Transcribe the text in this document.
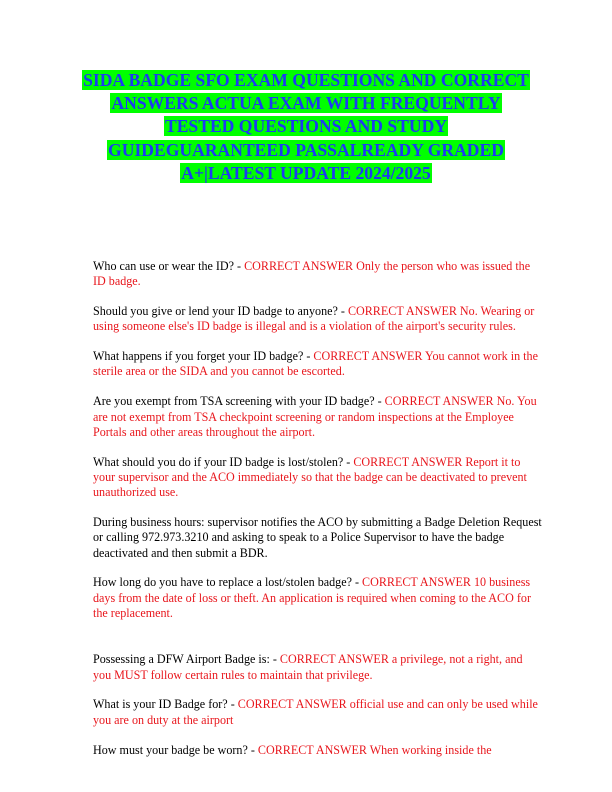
SIDA BADGE SFO EXAM QUESTIONS AND CORRECT
ANSWERS ACTUA EXAM WITH FREQUENTLY
TESTED QUESTIONS AND STUDY
GUIDEGUARANTEED PASSALREADY GRADED
A+|LATEST UPDATE 2024/2025
Who can use or wear the ID? - CORRECT ANSWER Only the person who was issued the ID badge.
Should you give or lend your ID badge to anyone? - CORRECT ANSWER No. Wearing or using someone else's ID badge is illegal and is a violation of the airport's security rules.
What happens if you forget your ID badge? - CORRECT ANSWER You cannot work in the sterile area or the SIDA and you cannot be escorted.
Are you exempt from TSA screening with your ID badge? - CORRECT ANSWER No. You are not exempt from TSA checkpoint screening or random inspections at the Employee Portals and other areas throughout the airport.
What should you do if your ID badge is lost/stolen? - CORRECT ANSWER Report it to your supervisor and the ACO immediately so that the badge can be deactivated to prevent unauthorized use.
During business hours: supervisor notifies the ACO by submitting a Badge Deletion Request or calling 972.973.3210 and asking to speak to a Police Supervisor to have the badge deactivated and then submit a BDR.
How long do you have to replace a lost/stolen badge? - CORRECT ANSWER 10 business days from the date of loss or theft. An application is required when coming to the ACO for the replacement.
Possessing a DFW Airport Badge is: - CORRECT ANSWER a privilege, not a right, and you MUST follow certain rules to maintain that privilege.
What is your ID Badge for? - CORRECT ANSWER official use and can only be used while you are on duty at the airport
How must your badge be worn? - CORRECT ANSWER When working inside the
